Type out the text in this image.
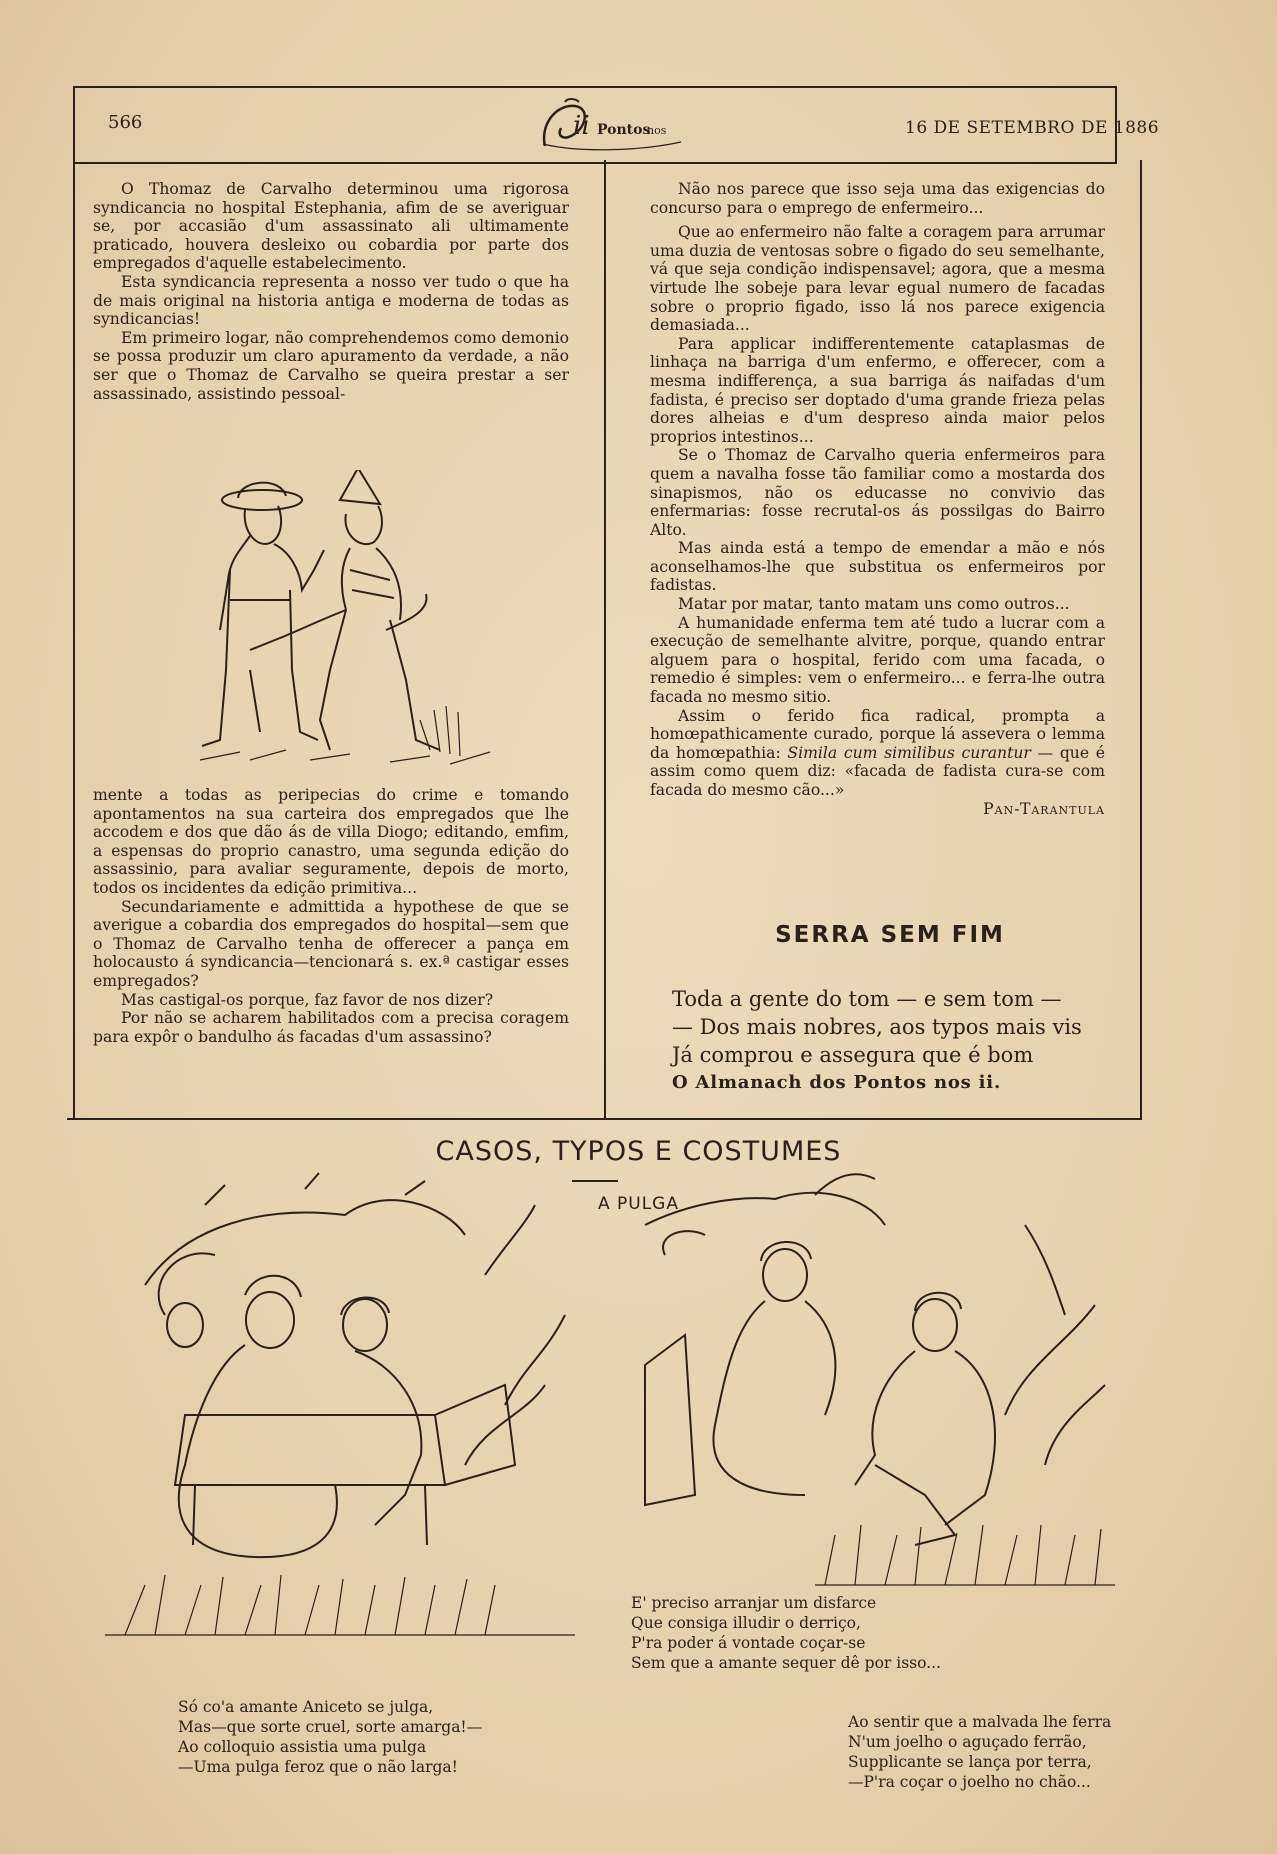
566	ii Pontos
nos	16 DE SETEMBRO DE 1886

O Thomaz de Carvalho determinou uma rigorosa syndicancia no hospital Estephania, afim de se averiguar se, por accasião d'um assassinato ali ultimamente praticado, houvera desleixo ou cobardia por parte dos empregados d'aquelle estabelecimento.

Esta syndicancia representa a nosso ver tudo o que ha de mais original na historia antiga e moderna de todas as syndicancias!

Em primeiro logar, não comprehendemos como demonio se possa produzir um claro apuramento da verdade, a não ser que o Thomaz de Carvalho se queira prestar a ser assassinado, assistindo pessoal-

mente a todas as peripecias do crime e tomando apontamentos na sua carteira dos empregados que lhe accodem e dos que dão ás de villa Diogo; editando, emfim, a espensas do proprio canastro, uma segunda edição do assassinio, para avaliar seguramente, depois de morto, todos os incidentes da edição primitiva...

Secundariamente e admittida a hypothese de que se averigue a cobardia dos empregados do hospital—sem que o Thomaz de Carvalho tenha de offerecer a pança em holocausto á syndicancia—tencionará s. ex.ª castigar esses empregados?

Mas castigal-os porque, faz favor de nos dizer?

Por não se acharem habilitados com a precisa coragem para expôr o bandulho ás facadas d'um assassino?

Não nos parece que isso seja uma das exigencias do concurso para o emprego de enfermeiro...

Que ao enfermeiro não falte a coragem para arrumar uma duzia de ventosas sobre o figado do seu semelhante, vá que seja condição indispensavel; agora, que a mesma virtude lhe sobeje para levar egual numero de facadas sobre o proprio figado, isso lá nos parece exigencia demasiada...

Para applicar indifferentemente cataplasmas de linhaça na barriga d'um enfermo, e offerecer, com a mesma indifferença, a sua barriga ás naifadas d'um fadista, é preciso ser doptado d'uma grande frieza pelas dores alheias e d'um despreso ainda maior pelos proprios intestinos...

Se o Thomaz de Carvalho queria enfermeiros para quem a navalha fosse tão familiar como a mostarda dos sinapismos, não os educasse no convivio das enfermarias: fosse recrutal-os ás possilgas do Bairro Alto.

Mas ainda está a tempo de emendar a mão e nós aconselhamos-lhe que substitua os enfermeiros por fadistas.

Matar por matar, tanto matam uns como outros...

A humanidade enferma tem até tudo a lucrar com a execução de semelhante alvitre, porque, quando entrar alguem para o hospital, ferido com uma facada, o remedio é simples: vem o enfermeiro... e ferra-lhe outra facada no mesmo sitio.

Assim o ferido fica radical, prompta a homœpathicamente curado, porque lá assevera o lemma da homœpathia: Simila cum similibus curantur — que é assim como quem diz: «facada de fadista cura-se com facada do mesmo cão...»

Pan-Tarantula

SERRA SEM FIM
Toda a gente do tom — e sem tom —
— Dos mais nobres, aos typos mais vis
Já comprou e assegura que é bom
O Almanach dos Pontos nos ii.
CASOS, TYPOS E COSTUMES
A PULGA
Só co'a amante Aniceto se julga,
Mas—que sorte cruel, sorte amarga!—
Ao colloquio assistia uma pulga
—Uma pulga feroz que o não larga!
E' preciso arranjar um disfarce
Que consiga illudir o derriço,
P'ra poder á vontade coçar-se
Sem que a amante sequer dê por isso...
Ao sentir que a malvada lhe ferra
N'um joelho o aguçado ferrão,
Supplicante se lança por terra,
—P'ra coçar o joelho no chão...
